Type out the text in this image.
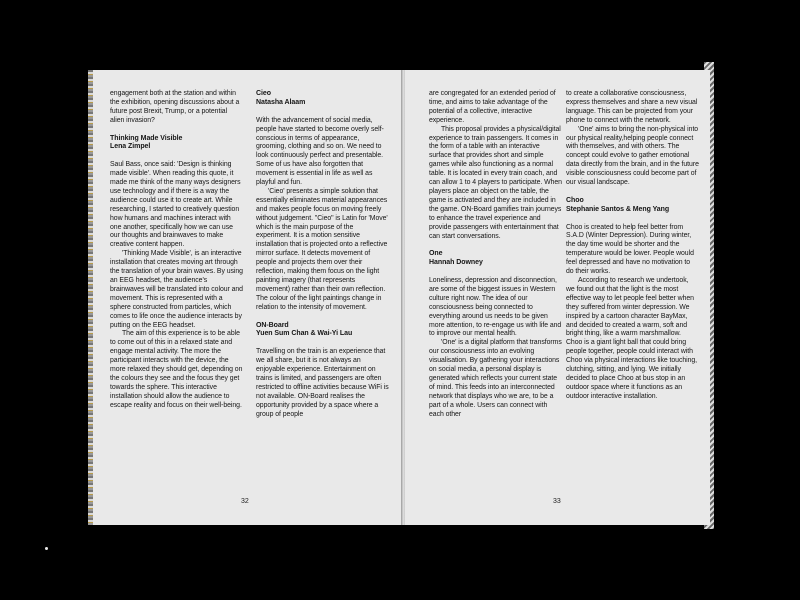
engagement both at the station and within the exhibition, opening discussions about a future post Brexit, Trump, or a potential alien invasion?

Thinking Made Visible
Lena Zimpel

Saul Bass, once said: 'Design is thinking made visible'. When reading this quote, it made me think of the many ways designers use technology and if there is a way the audience could use it to create art. While researching, I started to creatively question how humans and machines interact with one another, specifically how we can use our thoughts and brainwaves to make creative content happen.

'Thinking Made Visible', is an interactive installation that creates moving art through the translation of your brain waves. By using an EEG headset, the audience's brainwaves will be translated into colour and movement. This is represented with a sphere constructed from particles, which comes to life once the audience interacts by putting on the EEG headset.

The aim of this experience is to be able to come out of this in a relaxed state and engage mental activity. The more the participant interacts with the device, the more relaxed they should get, depending on the colours they see and the focus they get towards the sphere. This interactive installation should allow the audience to escape reality and focus on their well-being.

Cieo
Natasha Alaam

With the advancement of social media, people have started to become overly self-conscious in terms of appearance, grooming, clothing and so on. We need to look continuously perfect and presentable. Some of us have also forgotten that movement is essential in life as well as playful and fun.

'Cieo' presents a simple solution that essentially eliminates material appearances and makes people focus on moving freely without judgement. "Cieo" is Latin for 'Move' which is the main purpose of the experiment. It is a motion sensitive installation that is projected onto a reflective mirror surface. It detects movement of people and projects them over their reflection, making them focus on the light painting imagery (that represents movement) rather than their own reflection. The colour of the light paintings change in relation to the intensity of movement.

ON-Board
Yuen Sum Chan & Wai-Yi Lau

Travelling on the train is an experience that we all share, but it is not always an enjoyable experience. Entertainment on trains is limited, and passengers are often restricted to offline activities because WiFi is not available. ON-Board realises the opportunity provided by a space where a group of people

32

are congregated for an extended period of time, and aims to take advantage of the potential of a collective, interactive experience.

This proposal provides a physical/digital experience to train passengers. It comes in the form of a table with an interactive surface that provides short and simple games while also functioning as a normal table. It is located in every train coach, and can allow 1 to 4 players to participate. When players place an object on the table, the game is activated and they are included in the game. ON-Board gamifies train journeys to enhance the travel experience and provide passengers with entertainment that can start conversations.

One
Hannah Downey

Loneliness, depression and disconnection, are some of the biggest issues in Western culture right now. The idea of our consciousness being connected to everything around us needs to be given more attention, to re-engage us with life and to improve our mental health.

'One' is a digital platform that transforms our consciousness into an evolving visualisation. By gathering your interactions on social media, a personal display is generated which reflects your current state of mind. This feeds into an interconnected network that displays who we are, to be a part of a whole. Users can connect with each other

to create a collaborative consciousness, express themselves and share a new visual language. This can be projected from your phone to connect with the network.

'One' aims to bring the non-physical into our physical reality,helping people connect with themselves, and with others. The concept could evolve to gather emotional data directly from the brain, and in the future visible consciousness could become part of our visual landscape.

Choo
Stephanie Santos & Meng Yang

Choo is created to help feel better from S.A.D (Winter Depression). During winter, the day time would be shorter and the temperature would be lower. People would feel depressed and have no motivation to do their works.

According to research we undertook, we found out that the light is the most effective way to let people feel better when they suffered from winter depression. We inspired by a cartoon character BayMax, and decided to created a warm, soft and bright thing, like a warm marshmallow. Choo is a giant light ball that could bring people together, people could interact with Choo via physical interactions like touching, clutching, sitting, and lying. We initially decided to place Choo at bus stop in an outdoor space where it functions as an outdoor interactive installation.

33
